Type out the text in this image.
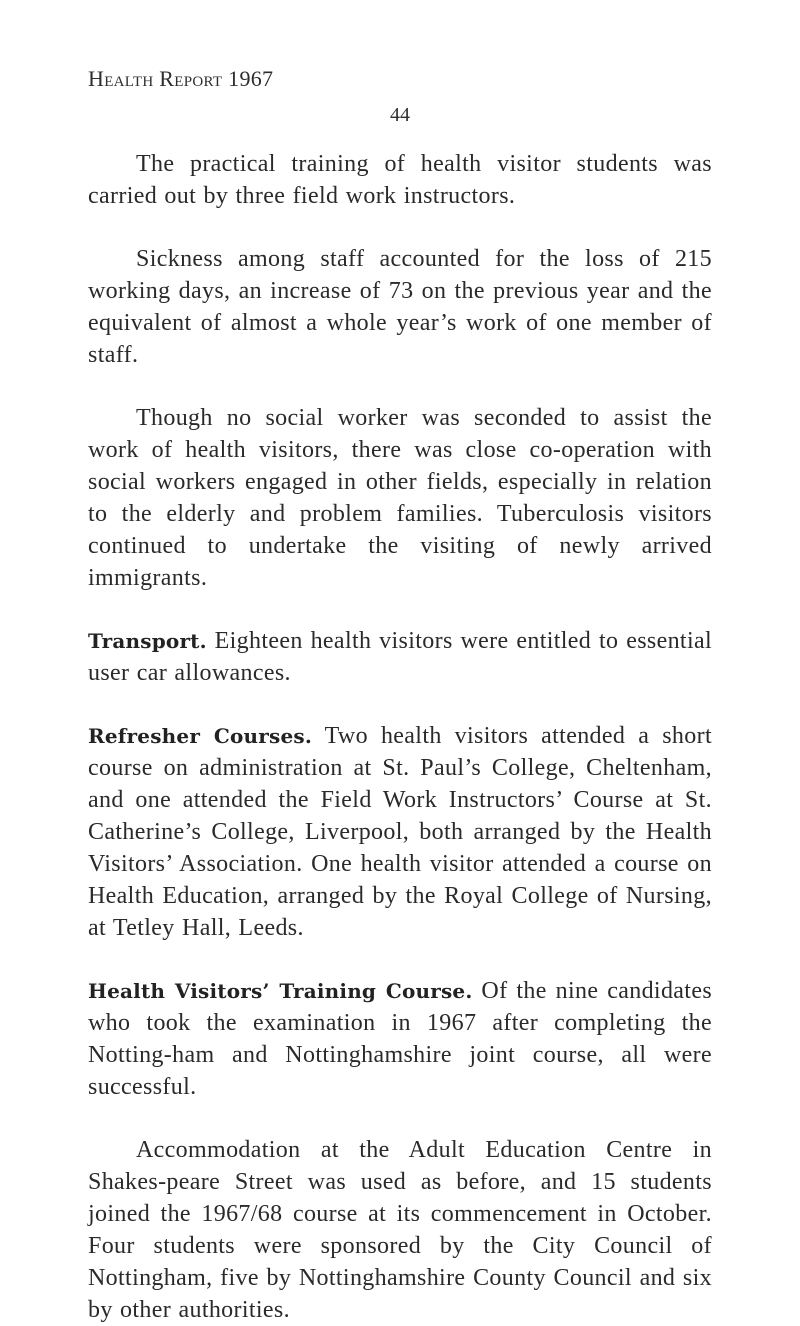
Health Report 1967
44

The practical training of health visitor students was carried out by three field work instructors.

Sickness among staff accounted for the loss of 215 working days, an increase of 73 on the previous year and the equivalent of almost a whole year’s work of one member of staff.

Though no social worker was seconded to assist the work of health visitors, there was close co-operation with social workers engaged in other fields, especially in relation to the elderly and problem families. Tuberculosis visitors continued to undertake the visiting of newly arrived immigrants.

Transport. Eighteen health visitors were entitled to essential user car allowances.

Refresher Courses. Two health visitors attended a short course on administration at St. Paul’s College, Cheltenham, and one attended the Field Work Instructors’ Course at St. Catherine’s College, Liverpool, both arranged by the Health Visitors’ Association. One health visitor attended a course on Health Education, arranged by the Royal College of Nursing, at Tetley Hall, Leeds.

Health Visitors’ Training Course. Of the nine candidates who took the examination in 1967 after completing the Notting-ham and Nottinghamshire joint course, all were successful.

Accommodation at the Adult Education Centre in Shakes-peare Street was used as before, and 15 students joined the 1967/68 course at its commencement in October. Four students were sponsored by the City Council of Nottingham, five by Nottinghamshire County Council and six by other authorities.
